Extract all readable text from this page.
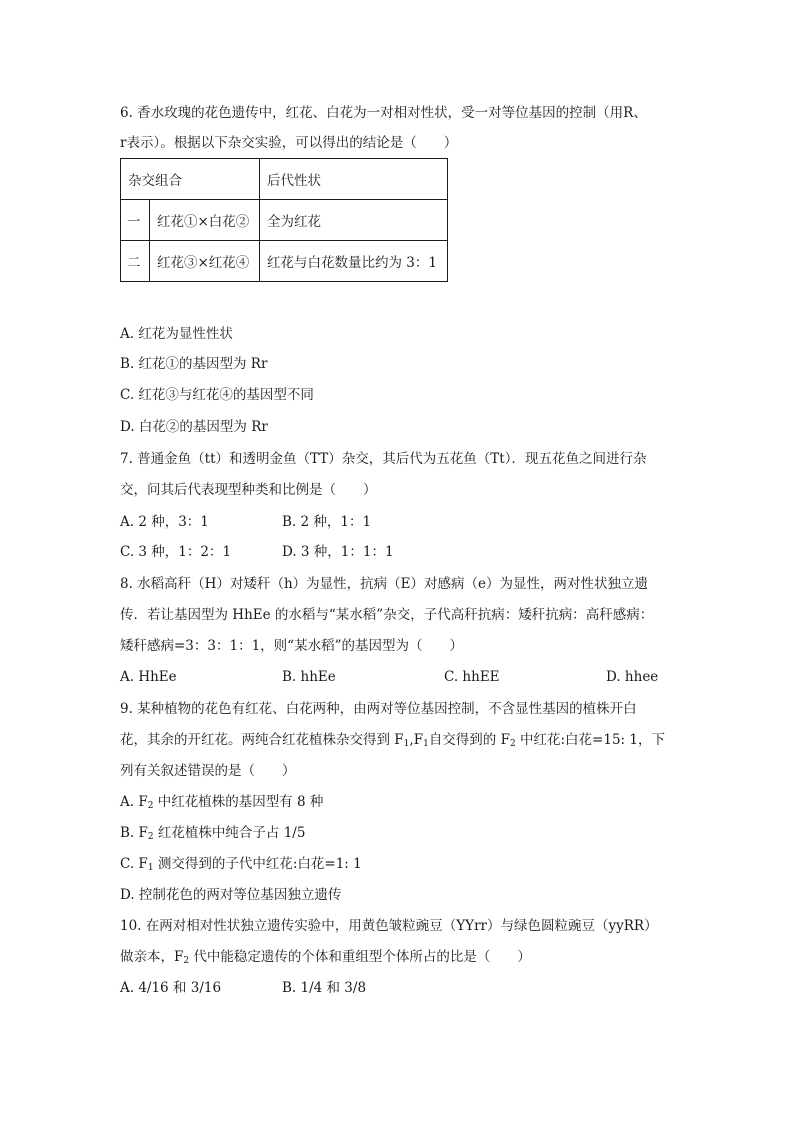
6. 香水玫瑰的花色遗传中，红花、白花为一对相对性状，受一对等位基因的控制（用R、
r表示）。根据以下杂交实验，可以得出的结论是（　　）
杂交组合		后代性状
一	红花①×白花②	全为红花
二	红花③×红花④	红花与白花数量比约为 3：1
A. 红花为显性性状
B. 红花①的基因型为 Rr
C. 红花③与红花④的基因型不同
D. 白花②的基因型为 Rr
7. 普通金鱼（tt）和透明金鱼（TT）杂交，其后代为五花鱼（Tt）．现五花鱼之间进行杂
交，问其后代表现型种类和比例是（　　）
A. 2 种，3：1	B. 2 种，1：1
C. 3 种，1：2：1	D. 3 种，1：1：1
8. 水稻高秆（H）对矮秆（h）为显性，抗病（E）对感病（e）为显性，两对性状独立遗
传．若让基因型为 HhEe 的水稻与“某水稻”杂交，子代高秆抗病：矮秆抗病：高秆感病：
矮秆感病=3：3：1：1，则“某水稻”的基因型为（　　）
A. HhEe	B. hhEe	C. hhEE	D. hhee
9. 某种植物的花色有红花、白花两种，由两对等位基因控制，不含显性基因的植株开白
花，其余的开红花。两纯合红花植株杂交得到 $F_1,F_1$自交得到的 $F_2$ 中红花:白花=15: 1，下
列有关叙述错误的是（　　）
A. $F_2$ 中红花植株的基因型有 8 种
B. $F_2$ 红花植株中纯合子占 1/5
C. $F_1$ 测交得到的子代中红花:白花=1: 1
D. 控制花色的两对等位基因独立遗传
10. 在两对相对性状独立遗传实验中，用黄色皱粒豌豆（YYrr）与绿色圆粒豌豆（yyRR）
做亲本，$F_2$ 代中能稳定遗传的个体和重组型个体所占的比是（　　）
A. 4/16 和 3/16	B. 1/4 和 3/8
